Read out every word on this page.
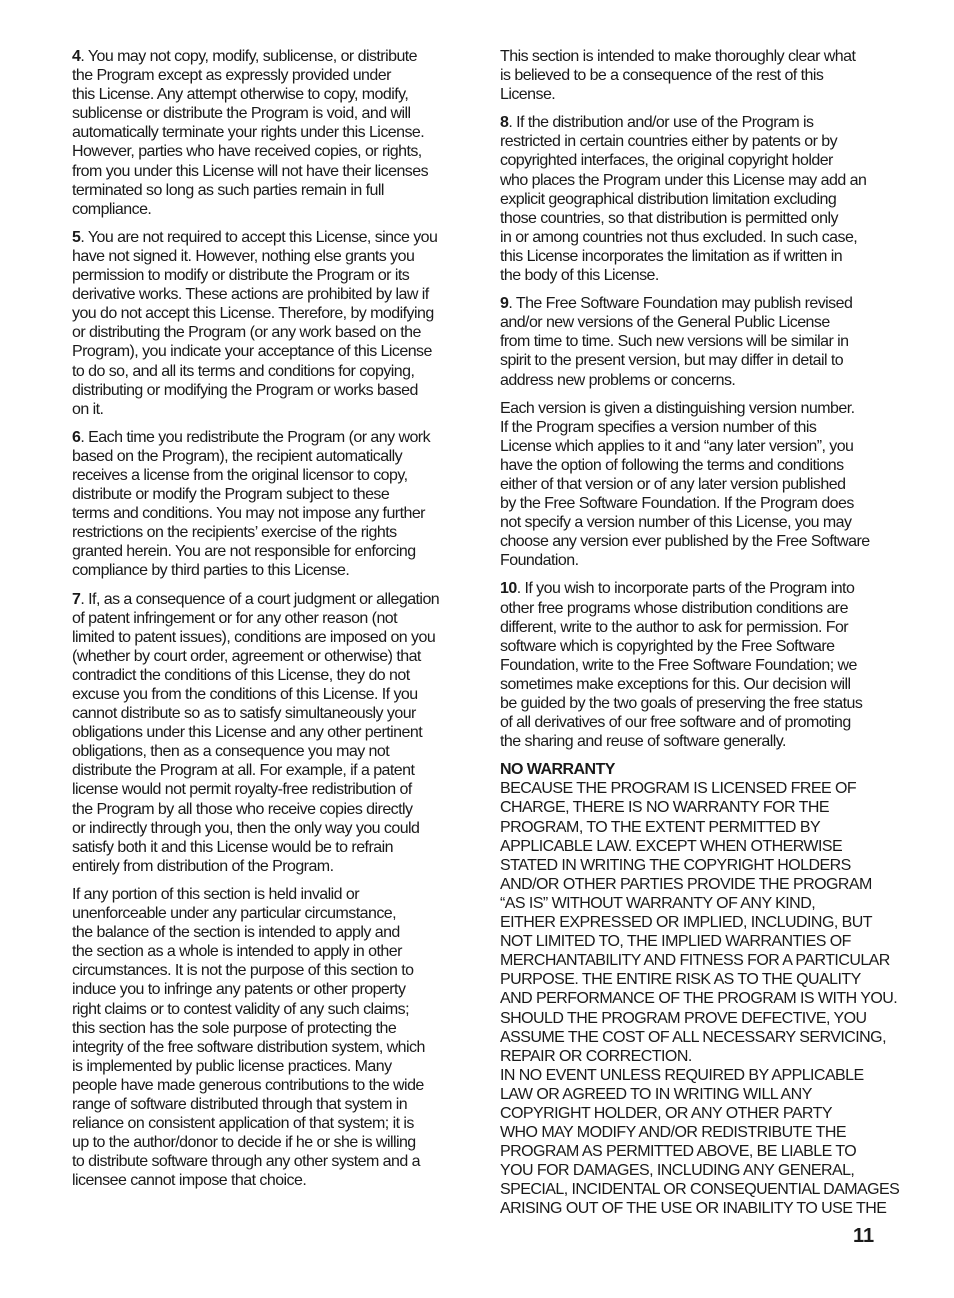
4. You may not copy, modify, sublicense, or distribute
the Program except as expressly provided under
this License. Any attempt otherwise to copy, modify,
sublicense or distribute the Program is void, and will
automatically terminate your rights under this License.
However, parties who have received copies, or rights,
from you under this License will not have their licenses
terminated so long as such parties remain in full
compliance.
5. You are not required to accept this License, since you
have not signed it. However, nothing else grants you
permission to modify or distribute the Program or its
derivative works. These actions are prohibited by law if
you do not accept this License. Therefore, by modifying
or distributing the Program (or any work based on the
Program), you indicate your acceptance of this License
to do so, and all its terms and conditions for copying,
distributing or modifying the Program or works based
on it.
6. Each time you redistribute the Program (or any work
based on the Program), the recipient automatically
receives a license from the original licensor to copy,
distribute or modify the Program subject to these
terms and conditions. You may not impose any further
restrictions on the recipients’ exercise of the rights
granted herein. You are not responsible for enforcing
compliance by third parties to this License.
7. If, as a consequence of a court judgment or allegation
of patent infringement or for any other reason (not
limited to patent issues), conditions are imposed on you
(whether by court order, agreement or otherwise) that
contradict the conditions of this License, they do not
excuse you from the conditions of this License. If you
cannot distribute so as to satisfy simultaneously your
obligations under this License and any other pertinent
obligations, then as a consequence you may not
distribute the Program at all. For example, if a patent
license would not permit royalty-free redistribution of
the Program by all those who receive copies directly
or indirectly through you, then the only way you could
satisfy both it and this License would be to refrain
entirely from distribution of the Program.
If any portion of this section is held invalid or
unenforceable under any particular circumstance,
the balance of the section is intended to apply and
the section as a whole is intended to apply in other
circumstances. It is not the purpose of this section to
induce you to infringe any patents or other property
right claims or to contest validity of any such claims;
this section has the sole purpose of protecting the
integrity of the free software distribution system, which
is implemented by public license practices. Many
people have made generous contributions to the wide
range of software distributed through that system in
reliance on consistent application of that system; it is
up to the author/donor to decide if he or she is willing
to distribute software through any other system and a
licensee cannot impose that choice.
This section is intended to make thoroughly clear what
is believed to be a consequence of the rest of this
License.
8. If the distribution and/or use of the Program is
restricted in certain countries either by patents or by
copyrighted interfaces, the original copyright holder
who places the Program under this License may add an
explicit geographical distribution limitation excluding
those countries, so that distribution is permitted only
in or among countries not thus excluded. In such case,
this License incorporates the limitation as if written in
the body of this License.
9. The Free Software Foundation may publish revised
and/or new versions of the General Public License
from time to time. Such new versions will be similar in
spirit to the present version, but may differ in detail to
address new problems or concerns.
Each version is given a distinguishing version number.
If the Program specifies a version number of this
License which applies to it and “any later version”, you
have the option of following the terms and conditions
either of that version or of any later version published
by the Free Software Foundation. If the Program does
not specify a version number of this License, you may
choose any version ever published by the Free Software
Foundation.
10. If you wish to incorporate parts of the Program into
other free programs whose distribution conditions are
different, write to the author to ask for permission. For
software which is copyrighted by the Free Software
Foundation, write to the Free Software Foundation; we
sometimes make exceptions for this. Our decision will
be guided by the two goals of preserving the free status
of all derivatives of our free software and of promoting
the sharing and reuse of software generally.
NO WARRANTY
BECAUSE THE PROGRAM IS LICENSED FREE OF
CHARGE, THERE IS NO WARRANTY FOR THE
PROGRAM, TO THE EXTENT PERMITTED BY
APPLICABLE LAW. EXCEPT WHEN OTHERWISE
STATED IN WRITING THE COPYRIGHT HOLDERS
AND/OR OTHER PARTIES PROVIDE THE PROGRAM
“AS IS” WITHOUT WARRANTY OF ANY KIND,
EITHER EXPRESSED OR IMPLIED, INCLUDING, BUT
NOT LIMITED TO, THE IMPLIED WARRANTIES OF
MERCHANTABILITY AND FITNESS FOR A PARTICULAR
PURPOSE. THE ENTIRE RISK AS TO THE QUALITY
AND PERFORMANCE OF THE PROGRAM IS WITH YOU.
SHOULD THE PROGRAM PROVE DEFECTIVE, YOU
ASSUME THE COST OF ALL NECESSARY SERVICING,
REPAIR OR CORRECTION.
IN NO EVENT UNLESS REQUIRED BY APPLICABLE
LAW OR AGREED TO IN WRITING WILL ANY
COPYRIGHT HOLDER, OR ANY OTHER PARTY
WHO MAY MODIFY AND/OR REDISTRIBUTE THE
PROGRAM AS PERMITTED ABOVE, BE LIABLE TO
YOU FOR DAMAGES, INCLUDING ANY GENERAL,
SPECIAL, INCIDENTAL OR CONSEQUENTIAL DAMAGES
ARISING OUT OF THE USE OR INABILITY TO USE THE
11
